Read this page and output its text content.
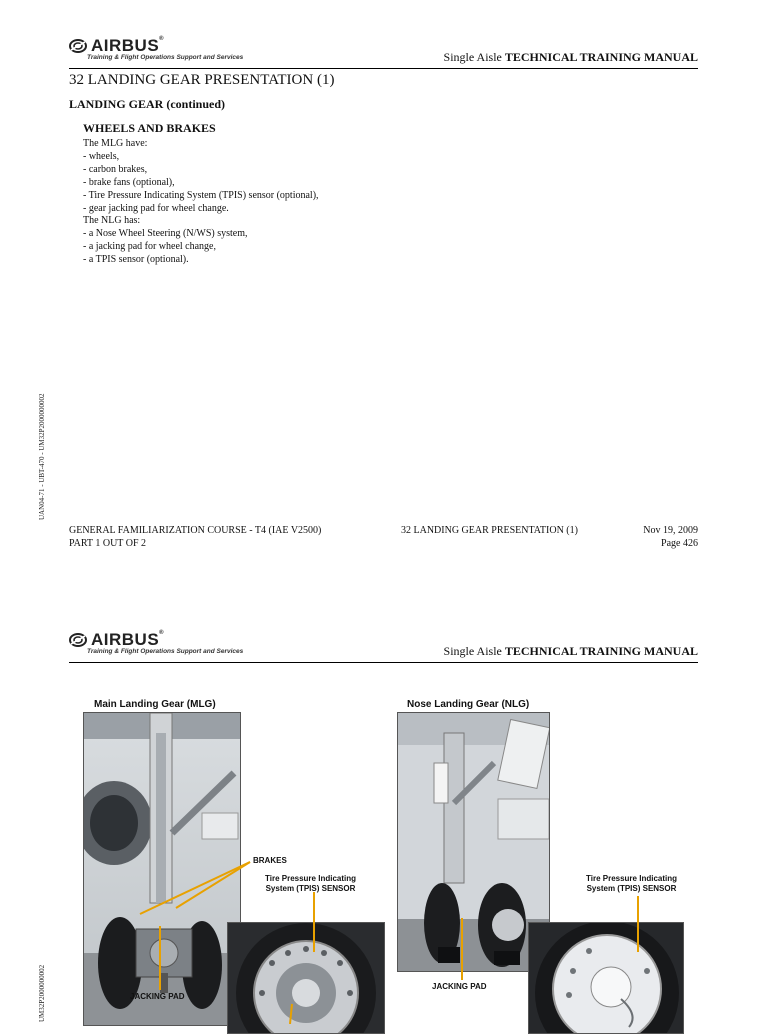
AIRBUS®
Training & Flight Operations Support and Services	Single Aisle TECHNICAL TRAINING MANUAL
32 LANDING GEAR PRESENTATION (1)
LANDING GEAR (continued)
WHEELS AND BRAKES
The MLG have:
- wheels,
- carbon brakes,
- brake fans (optional),
- Tire Pressure Indicating System (TPIS) sensor (optional),
- gear jacking pad for wheel change.
The NLG has:
- a Nose Wheel Steering (N/WS) system,
- a jacking pad for wheel change,
- a TPIS sensor (optional).
UAN04-71 - UBT-470 - UM32P2000000002
GENERAL FAMILIARIZATION COURSE - T4 (IAE V2500)
PART 1 OUT OF 2
32 LANDING GEAR PRESENTATION (1)	Nov 19, 2009
Page 426
AIRBUS®
Training & Flight Operations Support and Services	Single Aisle TECHNICAL TRAINING MANUAL
Main Landing Gear (MLG)	Nose Landing Gear (NLG)
BRAKES
Tire Pressure Indicating
System (TPIS) SENSOR
JACKING PAD
JACKING PAD
Tire Pressure Indicating
System (TPIS) SENSOR
UM32P2000000002
